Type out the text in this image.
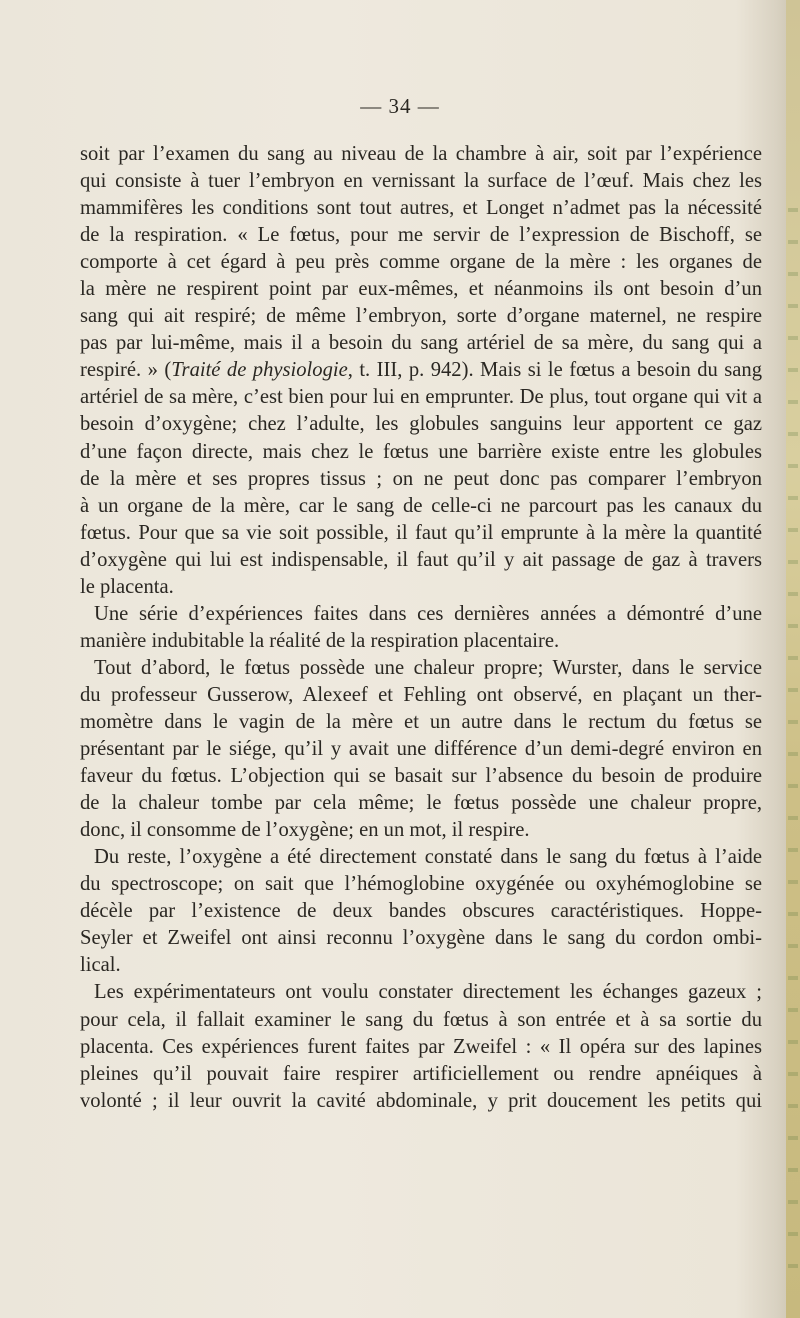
— 34 —
soit par l’examen du sang au niveau de la chambre à air, soit par l’expérience
qui consiste à tuer l’embryon en vernissant la surface de l’œuf. Mais chez les
mammifères les conditions sont tout autres, et Longet n’admet pas la nécessité
de la respiration. « Le fœtus, pour me servir de l’expression de Bischoff, se
comporte à cet égard à peu près comme organe de la mère : les organes de
la mère ne respirent point par eux-mêmes, et néanmoins ils ont besoin d’un
sang qui ait respiré; de même l’embryon, sorte d’organe maternel, ne respire
pas par lui-même, mais il a besoin du sang artériel de sa mère, du sang qui a
respiré. » (Traité de physiologie, t. III, p. 942). Mais si le fœtus a besoin du sang
artériel de sa mère, c’est bien pour lui en emprunter. De plus, tout organe qui vit a
besoin d’oxygène; chez l’adulte, les globules sanguins leur apportent ce gaz
d’une façon directe, mais chez le fœtus une barrière existe entre les globules
de la mère et ses propres tissus ; on ne peut donc pas comparer l’embryon
à un organe de la mère, car le sang de celle-ci ne parcourt pas les canaux du
fœtus. Pour que sa vie soit possible, il faut qu’il emprunte à la mère la quantité
d’oxygène qui lui est indispensable, il faut qu’il y ait passage de gaz à travers
le placenta.
Une série d’expériences faites dans ces dernières années a démontré d’une
manière indubitable la réalité de la respiration placentaire.
Tout d’abord, le fœtus possède une chaleur propre; Wurster, dans le service
du professeur Gusserow, Alexeef et Fehling ont observé, en plaçant un ther-
momètre dans le vagin de la mère et un autre dans le rectum du fœtus se
présentant par le siége, qu’il y avait une différence d’un demi-degré environ en
faveur du fœtus. L’objection qui se basait sur l’absence du besoin de produire
de la chaleur tombe par cela même; le fœtus possède une chaleur propre,
donc, il consomme de l’oxygène; en un mot, il respire.
Du reste, l’oxygène a été directement constaté dans le sang du fœtus à l’aide
du spectroscope; on sait que l’hémoglobine oxygénée ou oxyhémoglobine se
décèle par l’existence de deux bandes obscures caractéristiques. Hoppe-
Seyler et Zweifel ont ainsi reconnu l’oxygène dans le sang du cordon ombi-
lical.
Les expérimentateurs ont voulu constater directement les échanges gazeux ;
pour cela, il fallait examiner le sang du fœtus à son entrée et à sa sortie du
placenta. Ces expériences furent faites par Zweifel : « Il opéra sur des lapines
pleines qu’il pouvait faire respirer artificiellement ou rendre apnéiques à
volonté ; il leur ouvrit la cavité abdominale, y prit doucement les petits qui
